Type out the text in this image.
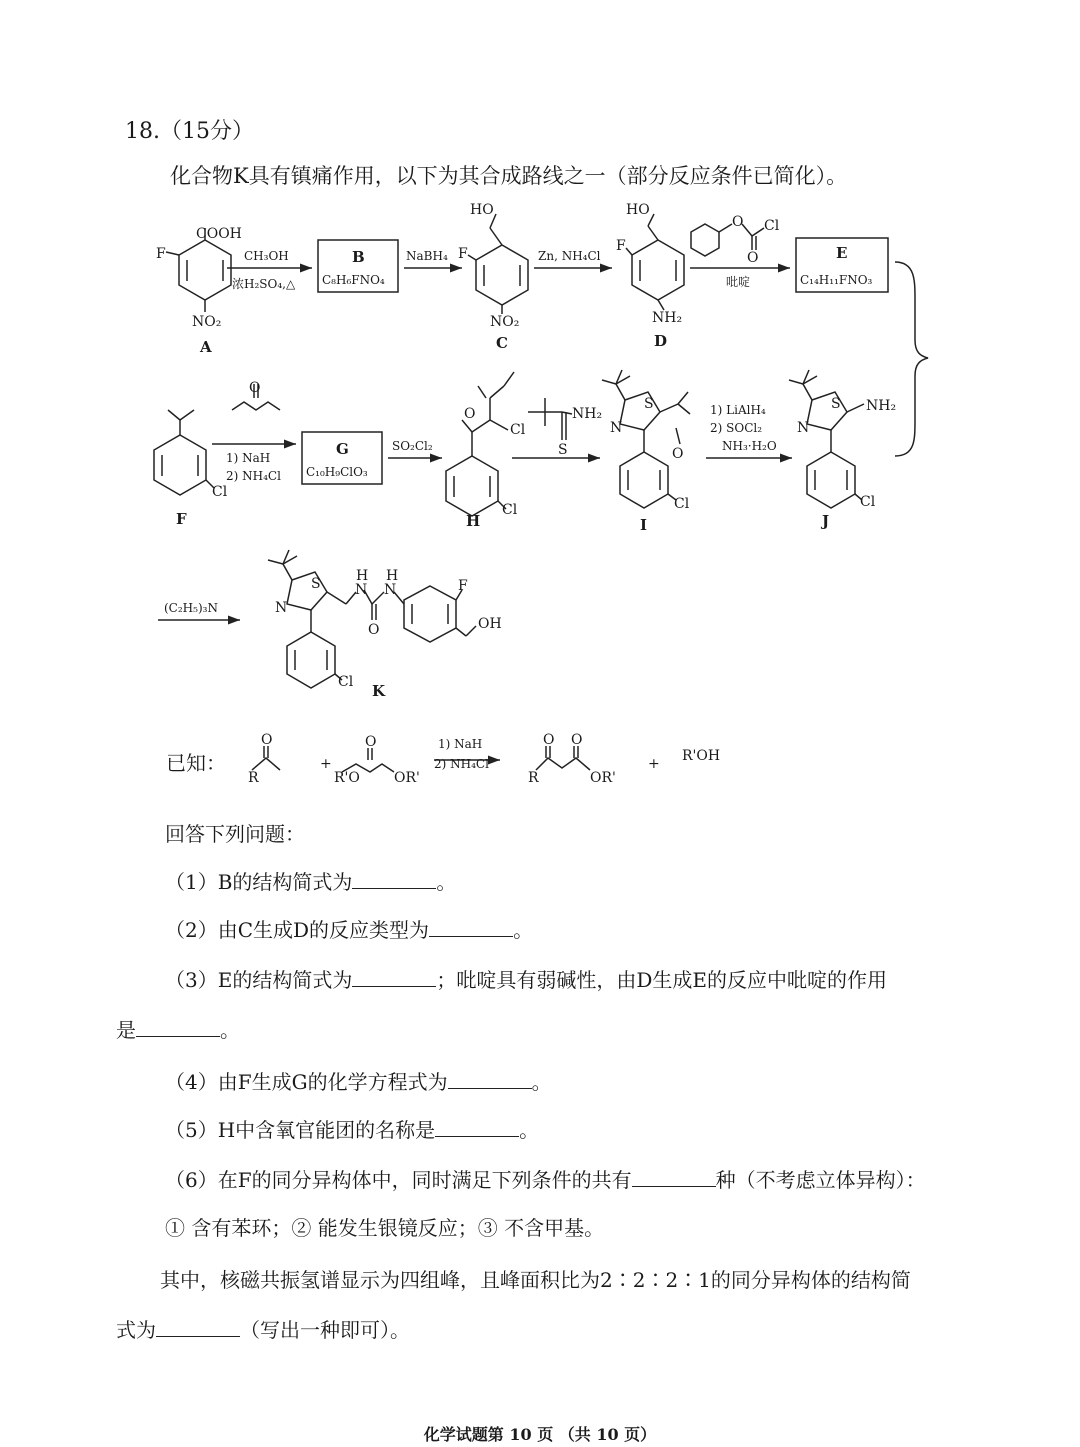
18.（15分）
化合物K具有镇痛作用，以下为其合成路线之一（部分反应条件已简化）。
COOH
F
NO₂
A
CH₃OH
浓H₂SO₄,△
B
C₈H₆FNO₄
NaBH₄
HO
F
NO₂
C
Zn, NH₄Cl
HO
F
NH₂
D
O Cl
O
吡啶
E
C₁₄H₁₁FNO₃
Cl
F
O
1) NaH
2) NH₄Cl
G
C₁₀H₉ClO₃
SO₂Cl₂
O
Cl
Cl
H
NH₂
S
S
N
O
Cl
I
1) LiAlH₄
2) SOCl₂
NH₃·H₂O
S
N
NH₂
Cl
J
(C₂H₅)₃N
S
N
N
H
N
H
O
F
OH
Cl K
已知：
R
O
+
R'O
O
OR'
1) NaH
2) NH₄Cl
R
O O
OR'
+ R'OH
回答下列问题：
（1）B的结构简式为	。
（2）由C生成D的反应类型为	。
（3）E的结构简式为	；吡啶具有弱碱性，由D生成E的反应中吡啶的作用
是	。
（4）由F生成G的化学方程式为	。
（5）H中含氧官能团的名称是	。
（6）在F的同分异构体中，同时满足下列条件的共有	种（不考虑立体异构）：
① 含有苯环；② 能发生银镜反应；③ 不含甲基。
其中，核磁共振氢谱显示为四组峰，且峰面积比为2∶2∶2∶1的同分异构体的结构简
式为	（写出一种即可）。
化学试题第 10 页 （共 10 页）
